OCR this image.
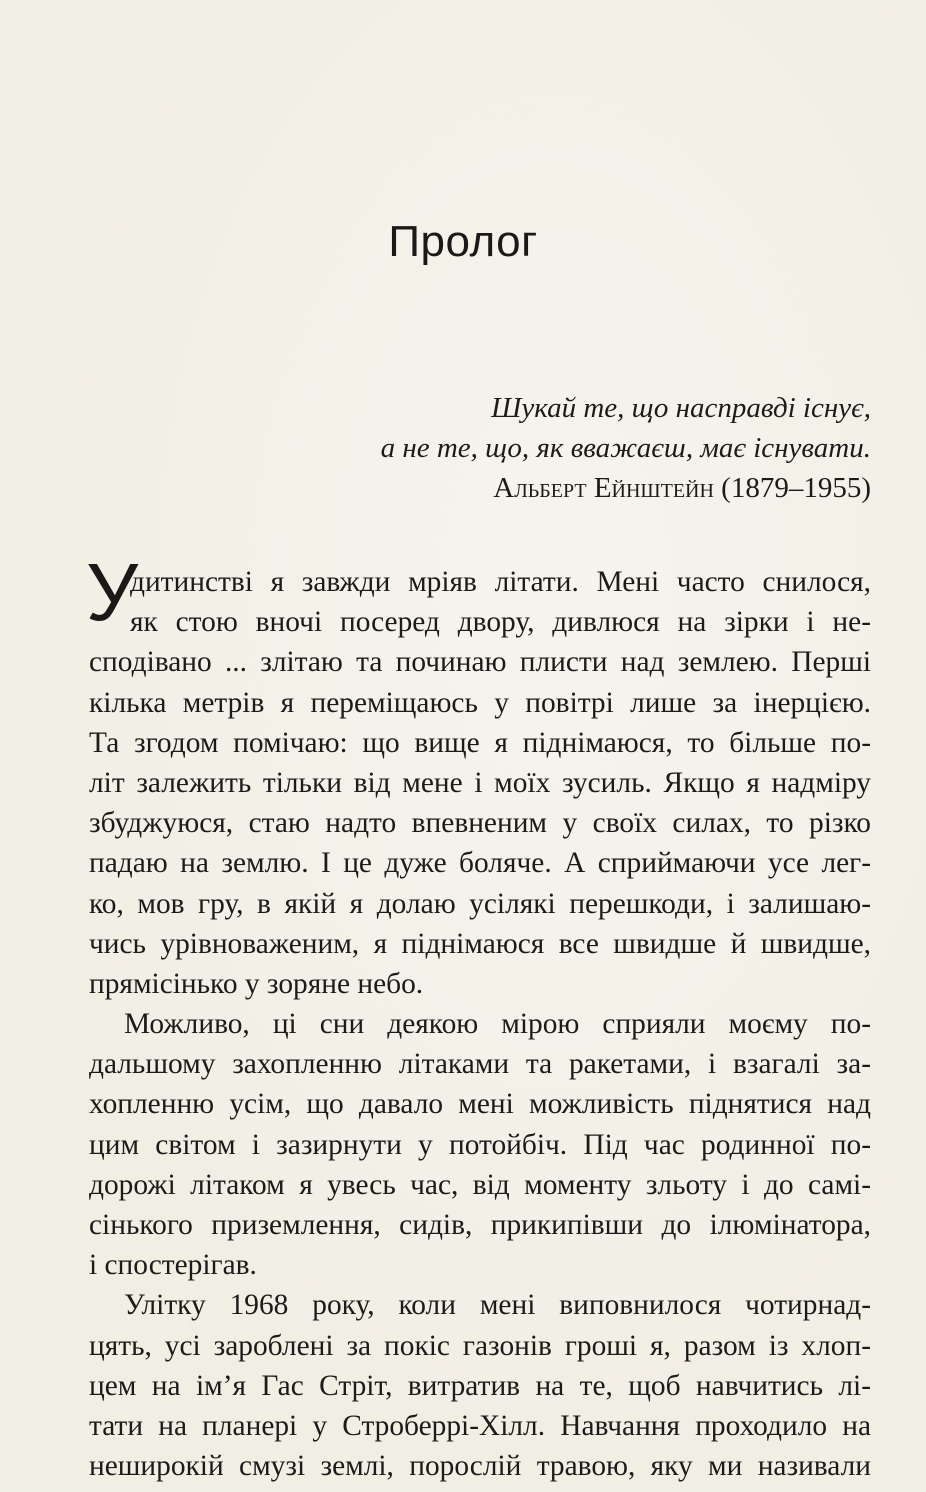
Пролог
Шукай те, що насправді існує,
а не те, що, як вважаєш, має існувати.
Альберт Ейнштейн (1879–1955)
У
дитинстві я завжди мріяв літати. Мені часто снилося,
як стою вночі посеред двору, дивлюся на зірки і не-
сподівано ... злітаю та починаю плисти над землею. Перші
кілька метрів я переміщаюсь у повітрі лише за інерцією.
Та згодом помічаю: що вище я піднімаюся, то більше по-
літ залежить тільки від мене і моїх зусиль. Якщо я надміру
збуджуюся, стаю надто впевненим у своїх силах, то різко
падаю на землю. І це дуже боляче. А сприймаючи усе лег-
ко, мов гру, в якій я долаю усілякі перешкоди, і залишаю-
чись урівноваженим, я піднімаюся все швидше й швидше,
прямісінько у зоряне небо.
Можливо, ці сни деякою мірою сприяли моєму по-
дальшому захопленню літаками та ракетами, і взагалі за-
хопленню усім, що давало мені можливість піднятися над
цим світом і зазирнути у потойбіч. Під час родинної по-
дорожі літаком я увесь час, від моменту зльоту і до самі-
сінького приземлення, сидів, прикипівши до ілюмінатора,
і спостерігав.
Улітку 1968 року, коли мені виповнилося чотирнад-
цять, усі зароблені за покіс газонів гроші я, разом із хлоп-
цем на ім’я Гас Стріт, витратив на те, щоб навчитись лі-
тати на планері у Строберрі-Хілл. Навчання проходило на
неширокій смузі землі, порослій травою, яку ми називали
